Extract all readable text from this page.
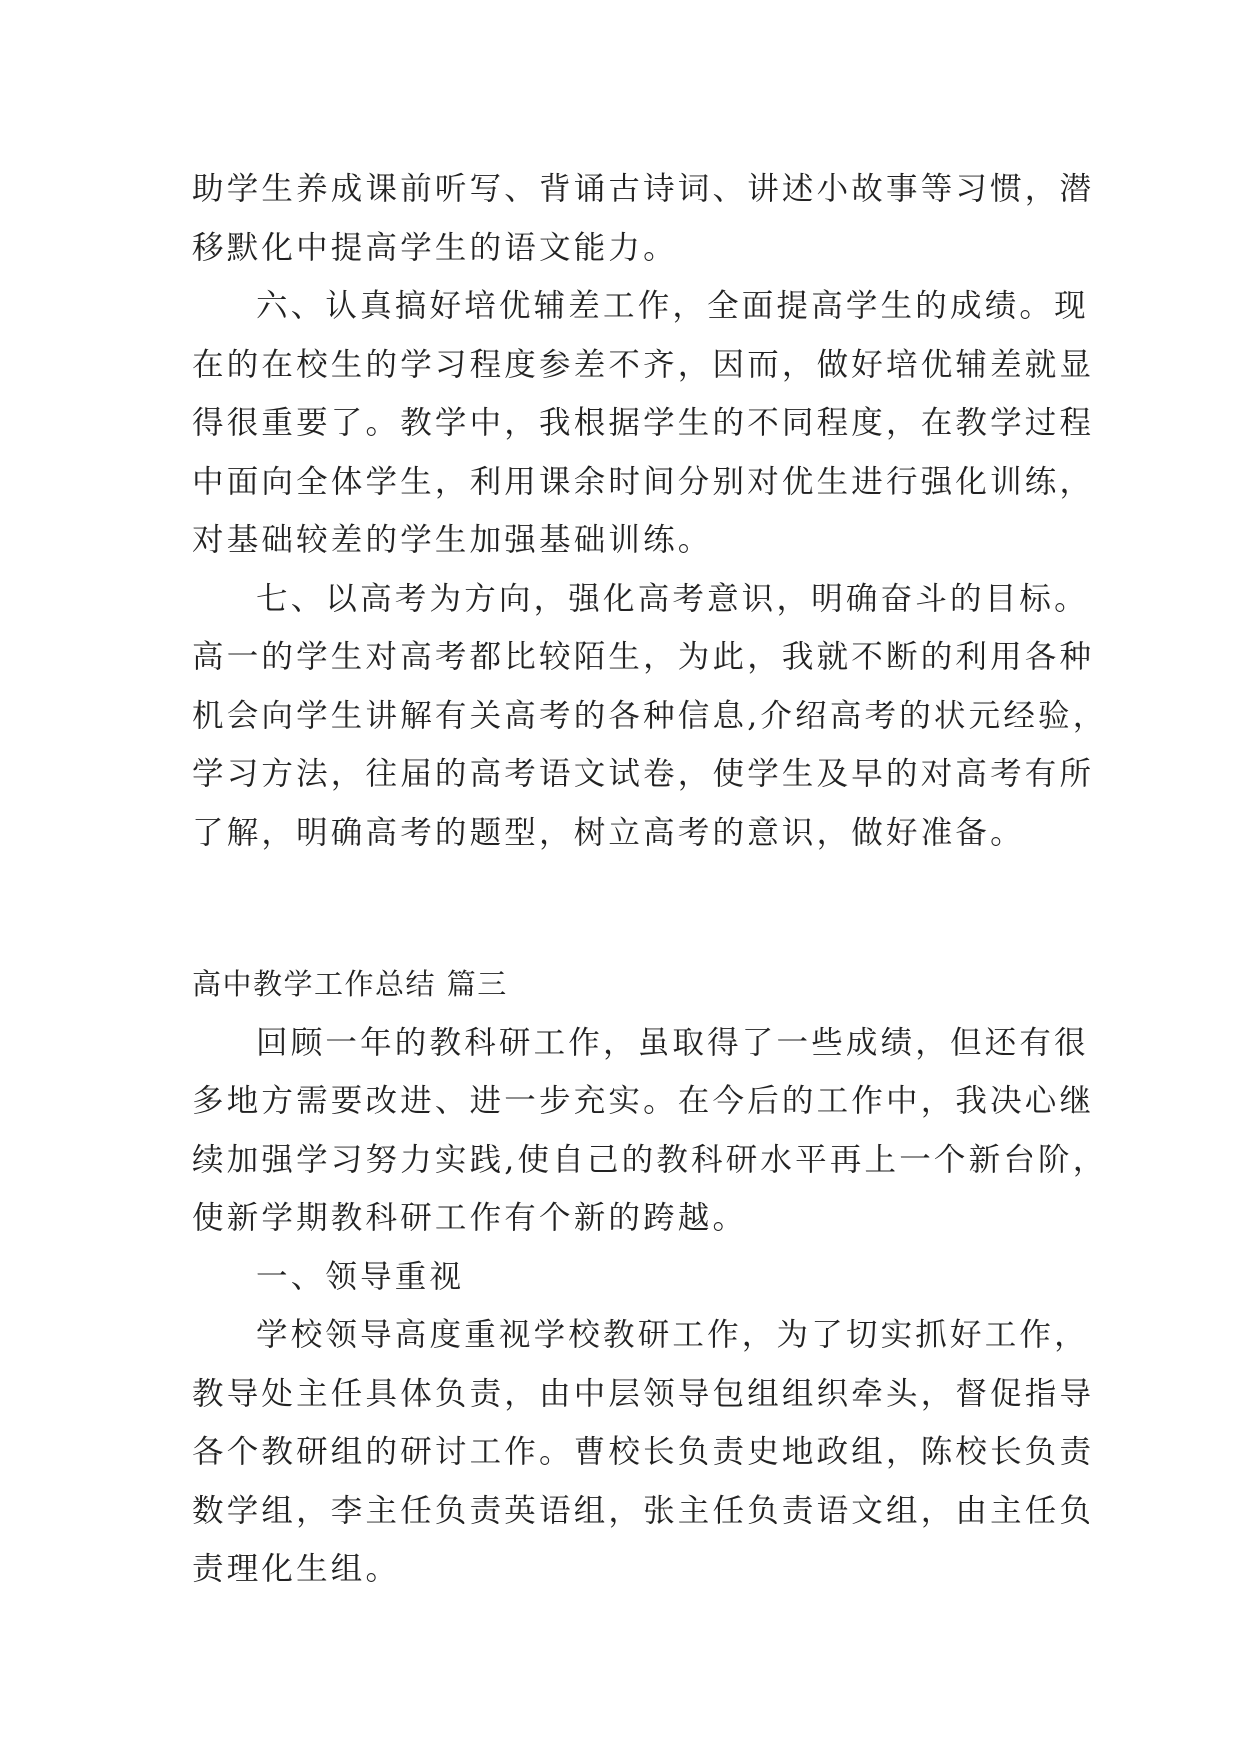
助学生养成课前听写、背诵古诗词、讲述小故事等习惯，潜
移默化中提高学生的语文能力。
六、认真搞好培优辅差工作，全面提高学生的成绩。现
在的在校生的学习程度参差不齐，因而，做好培优辅差就显
得很重要了。教学中，我根据学生的不同程度，在教学过程
中面向全体学生，利用课余时间分别对优生进行强化训练，
对基础较差的学生加强基础训练。
七、以高考为方向，强化高考意识，明确奋斗的目标。
高一的学生对高考都比较陌生，为此，我就不断的利用各种
机会向学生讲解有关高考的各种信息,介绍高考的状元经验，
学习方法，往届的高考语文试卷，使学生及早的对高考有所
了解，明确高考的题型，树立高考的意识，做好准备。
高中教学工作总结 篇三
回顾一年的教科研工作，虽取得了一些成绩，但还有很
多地方需要改进、进一步充实。在今后的工作中，我决心继
续加强学习努力实践,使自己的教科研水平再上一个新台阶，
使新学期教科研工作有个新的跨越。
一、领导重视
学校领导高度重视学校教研工作，为了切实抓好工作，
教导处主任具体负责，由中层领导包组组织牵头，督促指导
各个教研组的研讨工作。曹校长负责史地政组，陈校长负责
数学组，李主任负责英语组，张主任负责语文组，由主任负
责理化生组。
